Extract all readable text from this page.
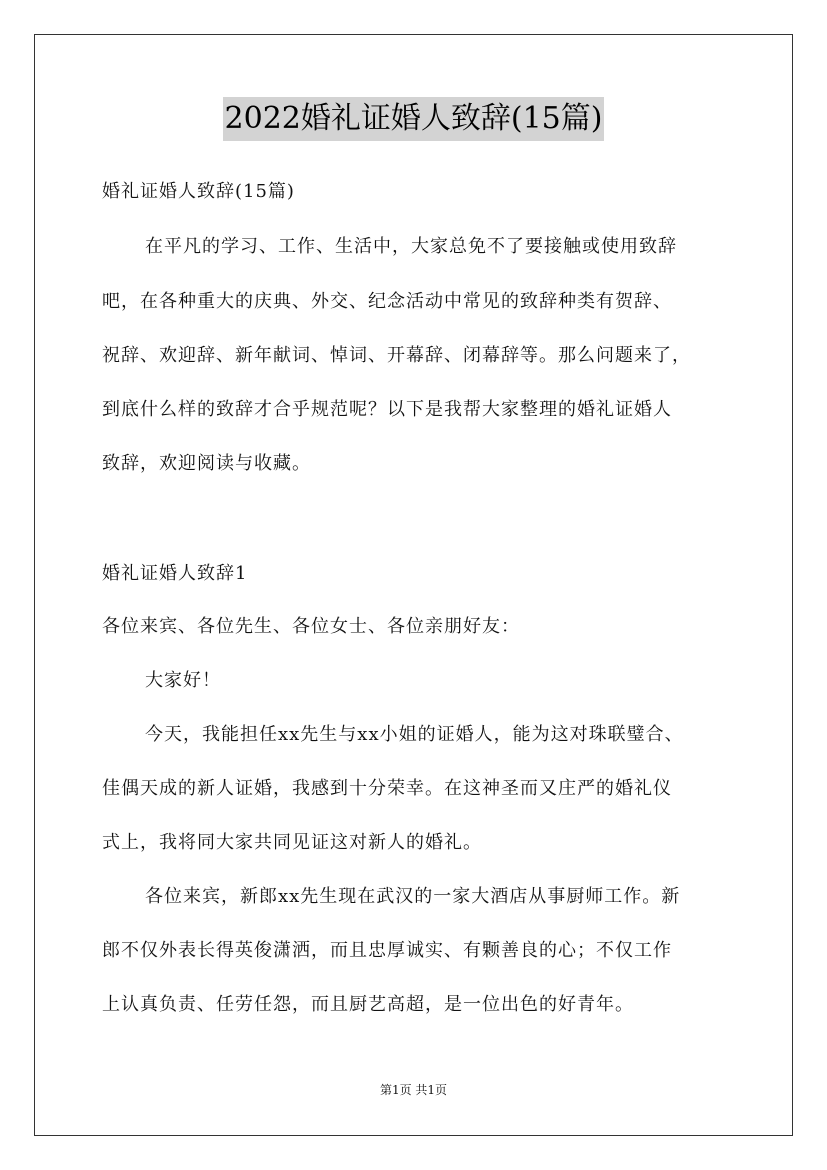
2022婚礼证婚人致辞(15篇)
婚礼证婚人致辞(15篇)
在平凡的学习、工作、生活中，大家总免不了要接触或使用致辞
吧，在各种重大的庆典、外交、纪念活动中常见的致辞种类有贺辞、
祝辞、欢迎辞、新年献词、悼词、开幕辞、闭幕辞等。那么问题来了，
到底什么样的致辞才合乎规范呢？以下是我帮大家整理的婚礼证婚人
致辞，欢迎阅读与收藏。
婚礼证婚人致辞1
各位来宾、各位先生、各位女士、各位亲朋好友：
大家好！
今天，我能担任xx先生与xx小姐的证婚人，能为这对珠联璧合、
佳偶天成的新人证婚，我感到十分荣幸。在这神圣而又庄严的婚礼仪
式上，我将同大家共同见证这对新人的婚礼。
各位来宾，新郎xx先生现在武汉的一家大酒店从事厨师工作。新
郎不仅外表长得英俊潇洒，而且忠厚诚实、有颗善良的心；不仅工作
上认真负责、任劳任怨，而且厨艺高超，是一位出色的好青年。
第1页 共1页
